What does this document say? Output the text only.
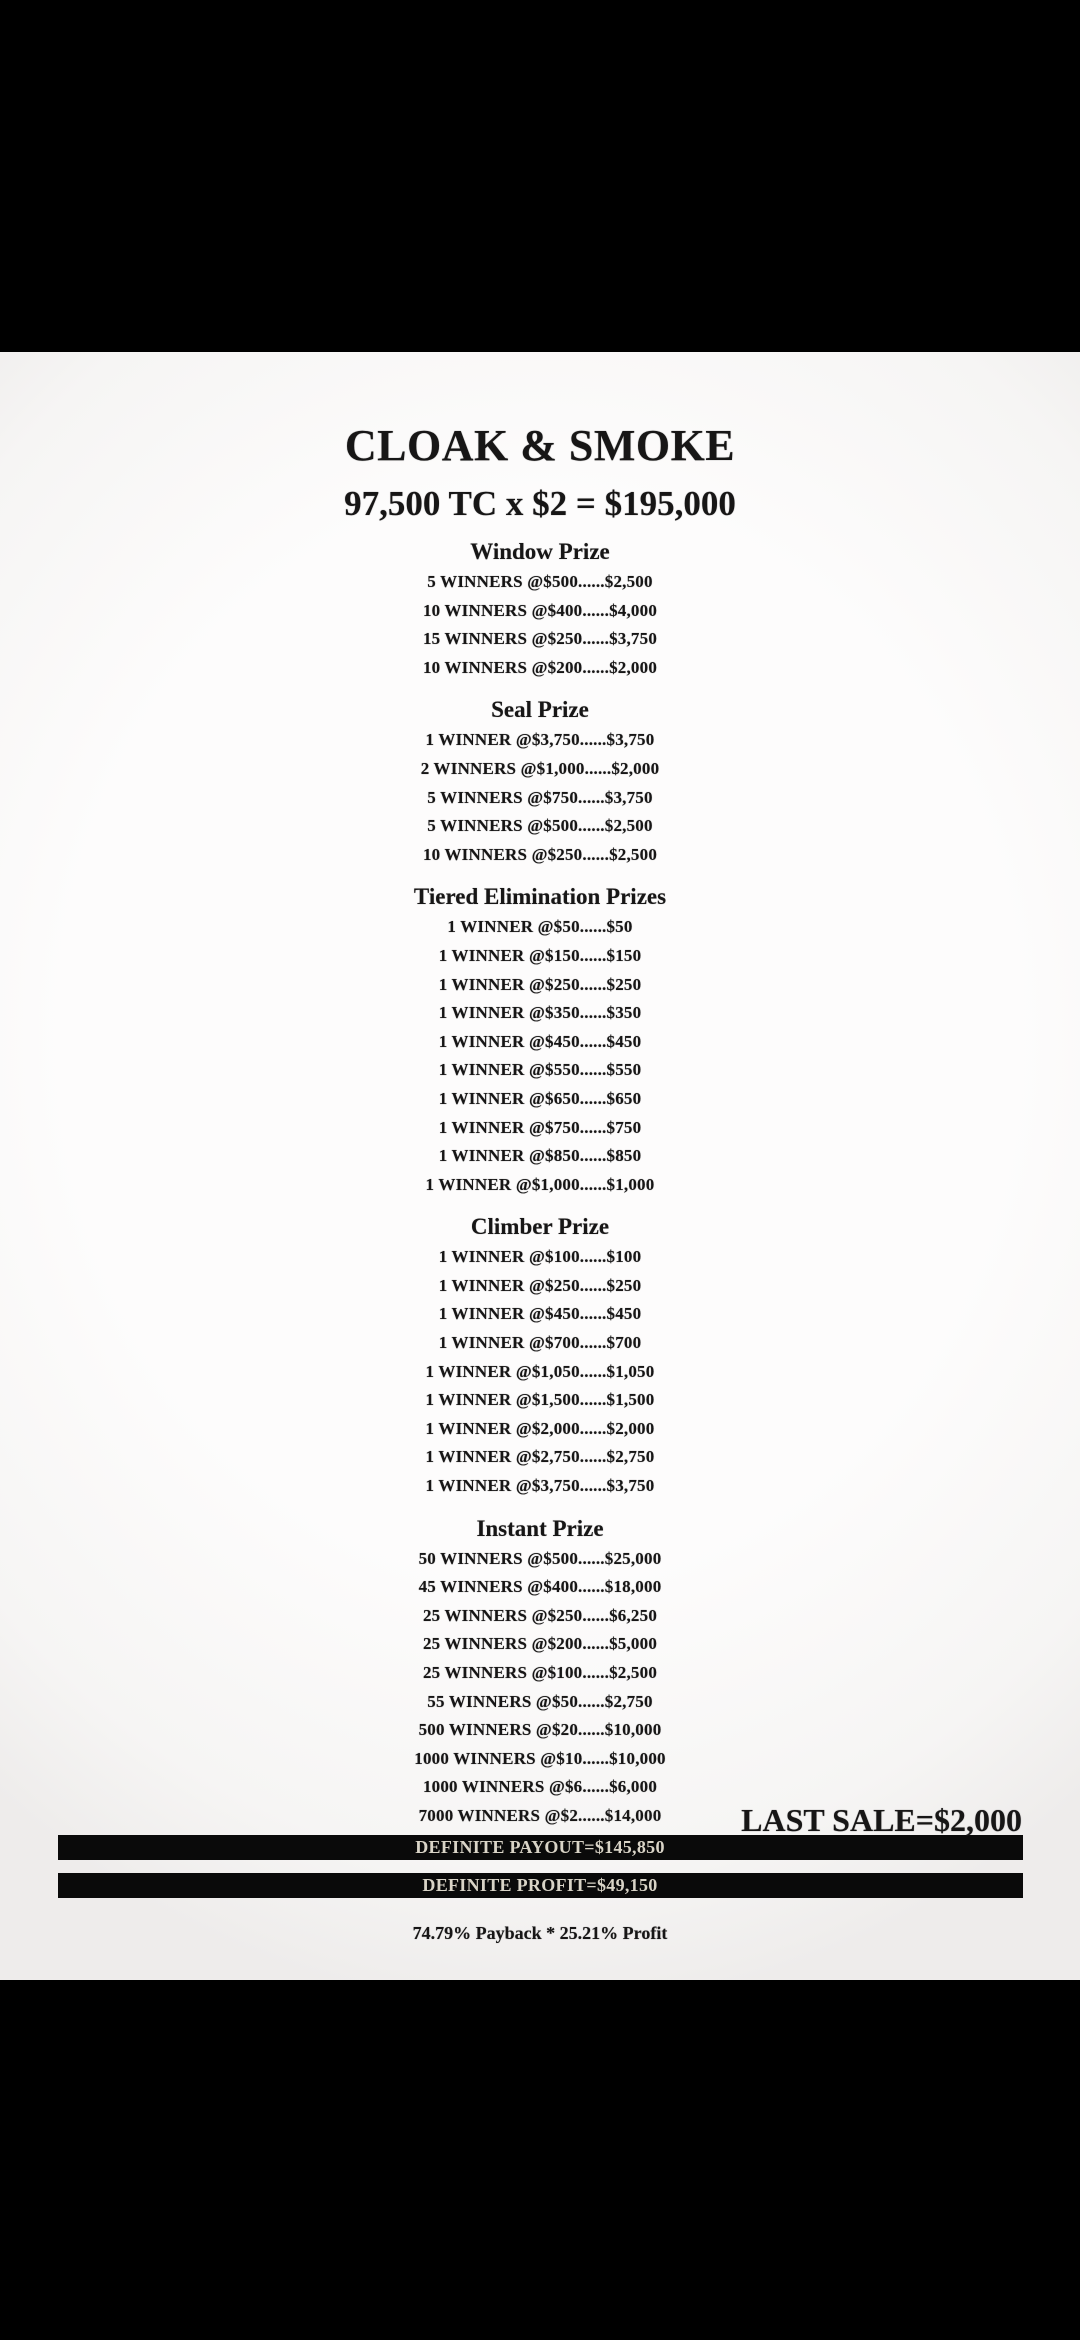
CLOAK & SMOKE
97,500 TC x $2 = $195,000
Window Prize
5 WINNERS @$500......$2,500
10 WINNERS @$400......$4,000
15 WINNERS @$250......$3,750
10 WINNERS @$200......$2,000
Seal Prize
1 WINNER @$3,750......$3,750
2 WINNERS @$1,000......$2,000
5 WINNERS @$750......$3,750
5 WINNERS @$500......$2,500
10 WINNERS @$250......$2,500
Tiered Elimination Prizes
1 WINNER @$50......$50
1 WINNER @$150......$150
1 WINNER @$250......$250
1 WINNER @$350......$350
1 WINNER @$450......$450
1 WINNER @$550......$550
1 WINNER @$650......$650
1 WINNER @$750......$750
1 WINNER @$850......$850
1 WINNER @$1,000......$1,000
Climber Prize
1 WINNER @$100......$100
1 WINNER @$250......$250
1 WINNER @$450......$450
1 WINNER @$700......$700
1 WINNER @$1,050......$1,050
1 WINNER @$1,500......$1,500
1 WINNER @$2,000......$2,000
1 WINNER @$2,750......$2,750
1 WINNER @$3,750......$3,750
Instant Prize
50 WINNERS @$500......$25,000
45 WINNERS @$400......$18,000
25 WINNERS @$250......$6,250
25 WINNERS @$200......$5,000
25 WINNERS @$100......$2,500
55 WINNERS @$50......$2,750
500 WINNERS @$20......$10,000
1000 WINNERS @$10......$10,000
1000 WINNERS @$6......$6,000
7000 WINNERS @$2......$14,000	LAST SALE=$2,000
DEFINITE PAYOUT=$145,850
DEFINITE PROFIT=$49,150
74.79% Payback * 25.21% Profit
